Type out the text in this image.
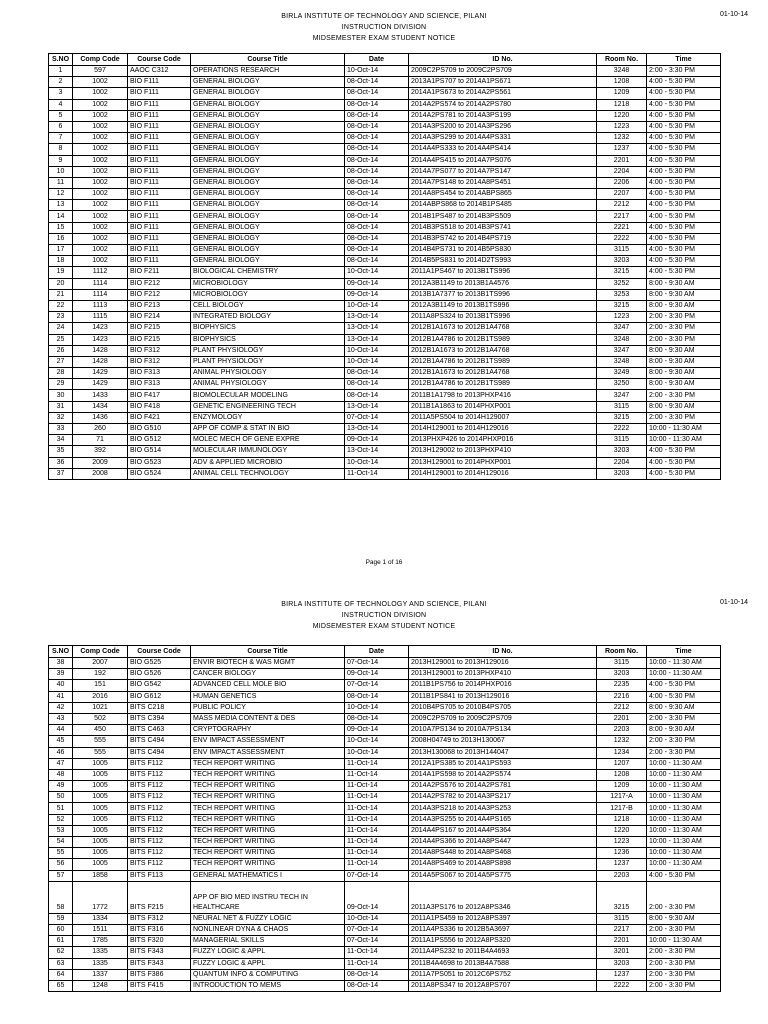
BIRLA INSTITUTE OF TECHNOLOGY AND SCIENCE, PILANI
INSTRUCTION DIVISION
MIDSEMESTER EXAM STUDENT NOTICE
01-10-14
S.NO	Comp Code	Course Code	Course Title	Date	ID No.	Room No.	Time
1	597	AAOC C312	OPERATIONS RESEARCH	10-Oct-14	2009C2PS709 to 2009C2PS709	3248	2:00 - 3:30 PM
2	1002	BIO F111	GENERAL BIOLOGY	08-Oct-14	2013A1PS707 to 2014A1PS671	1208	4:00 - 5:30 PM
3	1002	BIO F111	GENERAL BIOLOGY	08-Oct-14	2014A1PS673 to 2014A2PS561	1209	4:00 - 5:30 PM
4	1002	BIO F111	GENERAL BIOLOGY	08-Oct-14	2014A2PS574 to 2014A2PS780	1218	4:00 - 5:30 PM
5	1002	BIO F111	GENERAL BIOLOGY	08-Oct-14	2014A2PS781 to 2014A3PS199	1220	4:00 - 5:30 PM
6	1002	BIO F111	GENERAL BIOLOGY	08-Oct-14	2014A3PS200 to 2014A3PS296	1223	4:00 - 5:30 PM
7	1002	BIO F111	GENERAL BIOLOGY	08-Oct-14	2014A3PS299 to 2014A4PS331	1232	4:00 - 5:30 PM
8	1002	BIO F111	GENERAL BIOLOGY	08-Oct-14	2014A4PS333 to 2014A4PS414	1237	4:00 - 5:30 PM
9	1002	BIO F111	GENERAL BIOLOGY	08-Oct-14	2014A4PS415 to 2014A7PS076	2201	4:00 - 5:30 PM
10	1002	BIO F111	GENERAL BIOLOGY	08-Oct-14	2014A7PS077 to 2014A7PS147	2204	4:00 - 5:30 PM
11	1002	BIO F111	GENERAL BIOLOGY	08-Oct-14	2014A7PS148 to 2014A8PS451	2206	4:00 - 5:30 PM
12	1002	BIO F111	GENERAL BIOLOGY	08-Oct-14	2014A8PS454 to 2014ABPS865	2207	4:00 - 5:30 PM
13	1002	BIO F111	GENERAL BIOLOGY	08-Oct-14	2014ABPS868 to 2014B1PS485	2212	4:00 - 5:30 PM
14	1002	BIO F111	GENERAL BIOLOGY	08-Oct-14	2014B1PS487 to 2014B3PS509	2217	4:00 - 5:30 PM
15	1002	BIO F111	GENERAL BIOLOGY	08-Oct-14	2014B3PS518 to 2014B3PS741	2221	4:00 - 5:30 PM
16	1002	BIO F111	GENERAL BIOLOGY	08-Oct-14	2014B3PS742 to 2014B4PS719	2222	4:00 - 5:30 PM
17	1002	BIO F111	GENERAL BIOLOGY	08-Oct-14	2014B4PS731 to 2014B5PS830	3115	4:00 - 5:30 PM
18	1002	BIO F111	GENERAL BIOLOGY	08-Oct-14	2014B5PS831 to 2014D2TS993	3203	4:00 - 5:30 PM
19	1112	BIO F211	BIOLOGICAL CHEMISTRY	10-Oct-14	2011A1PS467 to 2013B1TS996	3215	4:00 - 5:30 PM
20	1114	BIO F212	MICROBIOLOGY	09-Oct-14	2012A3B1149 to 2013B1A4576	3252	8:00 - 9:30 AM
21	1114	BIO F212	MICROBIOLOGY	09-Oct-14	2013B1A7377 to 2013B1TS996	3253	8:00 - 9:30 AM
22	1113	BIO F213	CELL BIOLOGY	10-Oct-14	2012A3B1149 to 2013B1TS996	3215	8:00 - 9:30 AM
23	1115	BIO F214	INTEGRATED BIOLOGY	13-Oct-14	2011A8PS324 to 2013B1TS996	1223	2:00 - 3:30 PM
24	1423	BIO F215	BIOPHYSICS	13-Oct-14	2012B1A1673 to 2012B1A4768	3247	2:00 - 3:30 PM
25	1423	BIO F215	BIOPHYSICS	13-Oct-14	2012B1A4786 to 2012B1TS989	3248	2:00 - 3:30 PM
26	1428	BIO F312	PLANT PHYSIOLOGY	10-Oct-14	2012B1A1673 to 2012B1A4768	3247	8:00 - 9:30 AM
27	1428	BIO F312	PLANT PHYSIOLOGY	10-Oct-14	2012B1A4786 to 2012B1TS989	3248	8:00 - 9:30 AM
28	1429	BIO F313	ANIMAL PHYSIOLOGY	08-Oct-14	2012B1A1673 to 2012B1A4768	3249	8:00 - 9:30 AM
29	1429	BIO F313	ANIMAL PHYSIOLOGY	08-Oct-14	2012B1A4786 to 2012B1TS989	3250	8:00 - 9:30 AM
30	1433	BIO F417	BIOMOLECULAR MODELING	08-Oct-14	2011B1A1798 to 2013PHXP416	3247	2:00 - 3:30 PM
31	1434	BIO F418	GENETIC ENGINEERING TECH	13-Oct-14	2011B1A1863 to 2014PHXP001	3115	8:00 - 9:30 AM
32	1436	BIO F421	ENZYMOLOGY	07-Oct-14	2011A5PS504 to 2014H129007	3215	2:00 - 3:30 PM
33	260	BIO G510	APP OF COMP & STAT IN BIO	13-Oct-14	2014H129001 to 2014H129016	2222	10:00 - 11:30 AM
34	71	BIO G512	MOLEC MECH OF GENE EXPRE	09-Oct-14	2013PHXP426 to 2014PHXP016	3115	10:00 - 11:30 AM
35	392	BIO G514	MOLECULAR IMMUNOLOGY	13-Oct-14	2013H129002 to 2013PHXP410	3203	4:00 - 5:30 PM
36	2009	BIO G523	ADV & APPLIED MICROBIO	10-Oct-14	2013H129001 to 2014PHXP001	2204	4:00 - 5:30 PM
37	2008	BIO G524	ANIMAL CELL TECHNOLOGY	11-Oct-14	2014H129001 to 2014H129016	3203	4:00 - 5:30 PM
Page 1 of 16
BIRLA INSTITUTE OF TECHNOLOGY AND SCIENCE, PILANI
INSTRUCTION DIVISION
MIDSEMESTER EXAM STUDENT NOTICE
01-10-14
S.NO	Comp Code	Course Code	Course Title	Date	ID No.	Room No.	Time
38	2007	BIO G525	ENVIR BIOTECH & WAS MGMT	07-Oct-14	2013H129001 to 2013H129016	3115	10:00 - 11:30 AM
39	192	BIO G526	CANCER BIOLOGY	09-Oct-14	2013H129001 to 2013PHXP410	3203	10:00 - 11:30 AM
40	151	BIO G542	ADVANCED CELL MOLE BIO	07-Oct-14	2011B1PS756 to 2014PHXP016	2235	4:00 - 5:30 PM
41	2016	BIO G612	HUMAN GENETICS	08-Oct-14	2011B1PS841 to 2013H129016	2216	4:00 - 5:30 PM
42	1021	BITS C218	PUBLIC POLICY	10-Oct-14	2010B4PS705 to 2010B4PS705	2212	8:00 - 9:30 AM
43	502	BITS C394	MASS MEDIA CONTENT & DES	08-Oct-14	2009C2PS709 to 2009C2PS709	2201	2:00 - 3:30 PM
44	450	BITS C463	CRYPTOGRAPHY	09-Oct-14	2010A7PS134 to 2010A7PS134	2203	8:00 - 9:30 AM
45	555	BITS C494	ENV IMPACT ASSESSMENT	10-Oct-14	2008H04749 to 2013H130067	1232	2:00 - 3:30 PM
46	555	BITS C494	ENV IMPACT ASSESSMENT	10-Oct-14	2013H130068 to 2013H144047	1234	2:00 - 3:30 PM
47	1005	BITS F112	TECH REPORT WRITING	11-Oct-14	2012A1PS385 to 2014A1PS593	1207	10:00 - 11:30 AM
48	1005	BITS F112	TECH REPORT WRITING	11-Oct-14	2014A1PS598 to 2014A2PS574	1208	10:00 - 11:30 AM
49	1005	BITS F112	TECH REPORT WRITING	11-Oct-14	2014A2PS576 to 2014A2PS781	1209	10:00 - 11:30 AM
50	1005	BITS F112	TECH REPORT WRITING	11-Oct-14	2014A2PS782 to 2014A3PS217	1217-A	10:00 - 11:30 AM
51	1005	BITS F112	TECH REPORT WRITING	11-Oct-14	2014A3PS218 to 2014A3PS253	1217-B	10:00 - 11:30 AM
52	1005	BITS F112	TECH REPORT WRITING	11-Oct-14	2014A3PS255 to 2014A4PS165	1218	10:00 - 11:30 AM
53	1005	BITS F112	TECH REPORT WRITING	11-Oct-14	2014A4PS167 to 2014A4PS364	1220	10:00 - 11:30 AM
54	1005	BITS F112	TECH REPORT WRITING	11-Oct-14	2014A4PS366 to 2014A8PS447	1223	10:00 - 11:30 AM
55	1005	BITS F112	TECH REPORT WRITING	11-Oct-14	2014A8PS448 to 2014A8PS468	1236	10:00 - 11:30 AM
56	1005	BITS F112	TECH REPORT WRITING	11-Oct-14	2014A8PS469 to 2014A8PS898	1237	10:00 - 11:30 AM
57	1858	BITS F113	GENERAL MATHEMATICS I	07-Oct-14	2014A5PS067 to 2014A5PS775	2203	4:00 - 5:30 PM
58	1772	BITS F215	APP OF BIO MED INSTRU TECH IN HEALTHCARE	09-Oct-14	2011A3PS176 to 2012A8PS346	3215	2:00 - 3:30 PM
59	1334	BITS F312	NEURAL NET & FUZZY LOGIC	10-Oct-14	2011A1PS459 to 2012A8PS397	3115	8:00 - 9:30 AM
60	1511	BITS F316	NONLINEAR DYNA & CHAOS	07-Oct-14	2011A4PS336 to 2012B5A3697	2217	2:00 - 3:30 PM
61	1785	BITS F320	MANAGERIAL SKILLS	07-Oct-14	2011A1PS556 to 2012A8PS320	2201	10:00 - 11:30 AM
62	1335	BITS F343	FUZZY LOGIC & APPL	11-Oct-14	2011A4PS232 to 2011B4A4693	3201	2:00 - 3:30 PM
63	1335	BITS F343	FUZZY LOGIC & APPL	11-Oct-14	2011B4A4698 to 2013B4A7588	3203	2:00 - 3:30 PM
64	1337	BITS F386	QUANTUM INFO & COMPUTING	08-Oct-14	2011A7PS051 to 2012C6PS752	1237	2:00 - 3:30 PM
65	1248	BITS F415	INTRODUCTION TO MEMS	08-Oct-14	2011A8PS347 to 2012A8PS707	2222	2:00 - 3:30 PM
